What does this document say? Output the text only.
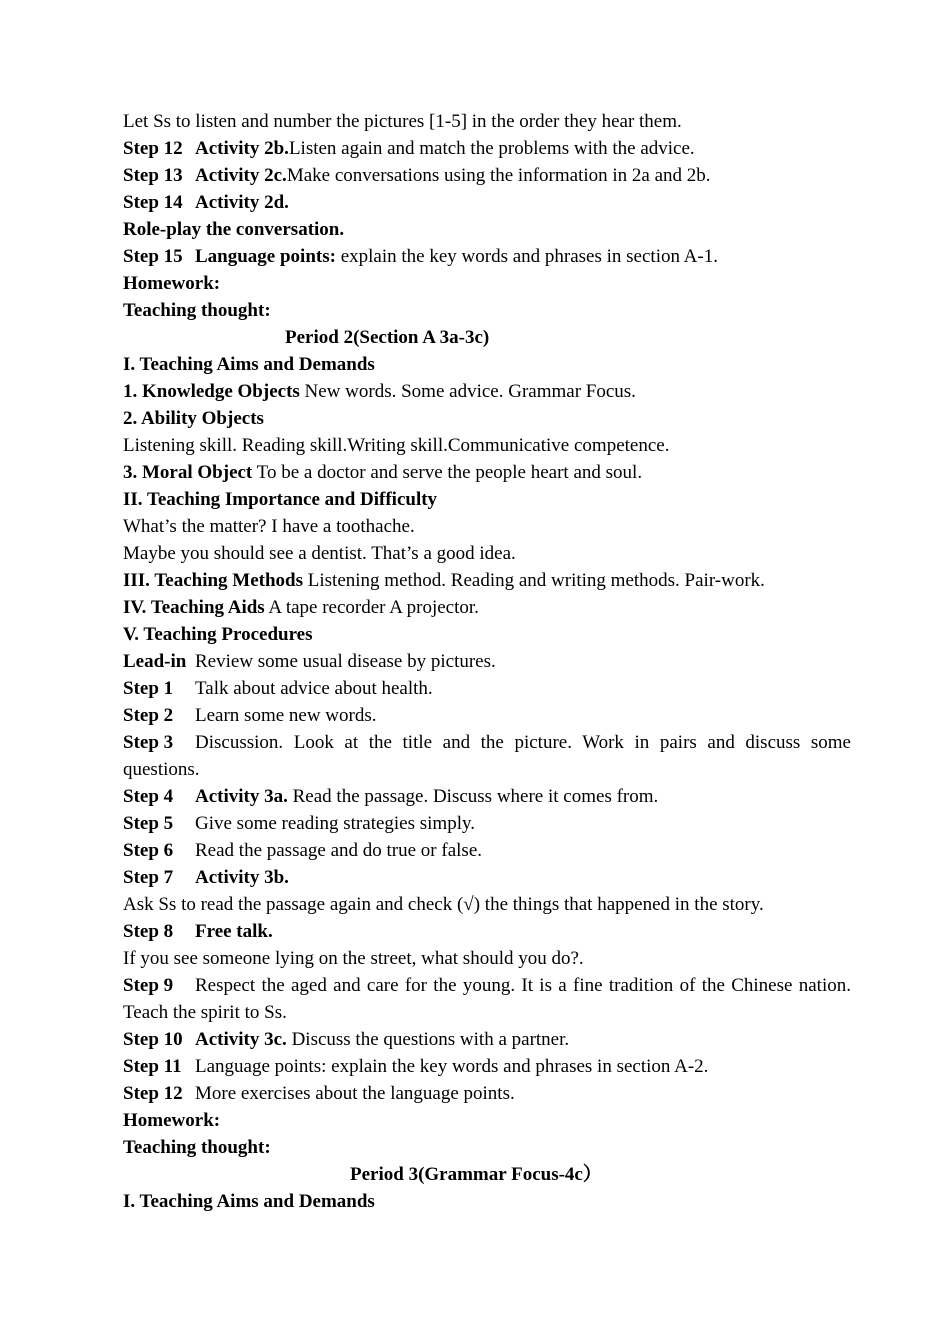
Let Ss to listen and number the pictures [1-5] in the order they hear them.
Step 12 Activity 2b.Listen again and match the problems with the advice.
Step 13 Activity 2c.Make conversations using the information in 2a and 2b.
Step 14 Activity 2d.
Role-play the conversation.
Step 15 Language points: explain the key words and phrases in section A-1.
Homework:
Teaching thought:
Period 2(Section A 3a-3c)
I. Teaching Aims and Demands
1. Knowledge Objects New words. Some advice. Grammar Focus.
2. Ability Objects
Listening skill. Reading skill.Writing skill.Communicative competence.
3. Moral Object To be a doctor and serve the people heart and soul.
II. Teaching Importance and Difficulty
What’s the matter? I have a toothache.
Maybe you should see a dentist. That’s a good idea.
III. Teaching Methods Listening method. Reading and writing methods. Pair-work.
IV. Teaching Aids A tape recorder A projector.
V. Teaching Procedures
Lead-in Review some usual disease by pictures.
Step 1 Talk about advice about health.
Step 2 Learn some new words.
Step 3 Discussion. Look at the title and the picture. Work in pairs and discuss some questions.
Step 4 Activity 3a. Read the passage. Discuss where it comes from.
Step 5 Give some reading strategies simply.
Step 6 Read the passage and do true or false.
Step 7 Activity 3b.
Ask Ss to read the passage again and check (√) the things that happened in the story.
Step 8 Free talk.
If you see someone lying on the street, what should you do?.
Step 9 Respect the aged and care for the young. It is a fine tradition of the Chinese nation. Teach the spirit to Ss.
Step 10 Activity 3c. Discuss the questions with a partner.
Step 11 Language points: explain the key words and phrases in section A-2.
Step 12 More exercises about the language points.
Homework:
Teaching thought:
Period 3(Grammar Focus-4c）
I. Teaching Aims and Demands
